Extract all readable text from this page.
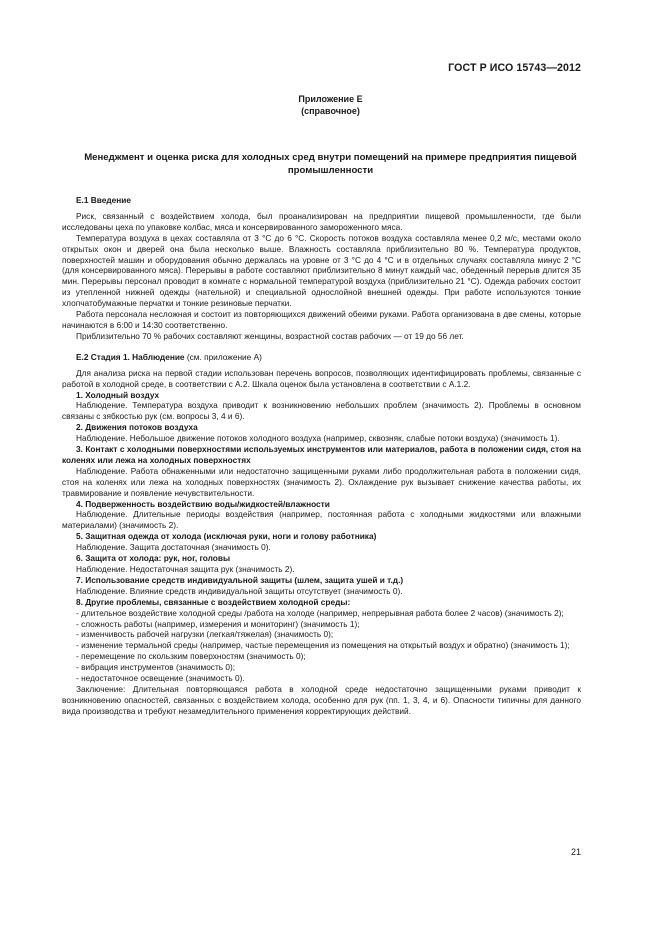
ГОСТ Р ИСО 15743—2012
Приложение Е
(справочное)
Менеджмент и оценка риска для холодных сред внутри помещений на примере предприятия пищевой промышленности

Е.1 Введение

Риск, связанный с воздействием холода, был проанализирован на предприятии пищевой промышленности, где были исследованы цеха по упаковке колбас, мяса и консервированного замороженного мяса.

Температура воздуха в цехах составляла от 3 °С до 6 °С. Скорость потоков воздуха составляла менее 0,2 м/с, местами около открытых окон и дверей она была несколько выше. Влажность составляла приблизительно 80 %. Температура продуктов, поверхностей машин и оборудования обычно держалась на уровне от 3 °С до 4 °С и в отдельных случаях составляла минус 2 °С (для консервированного мяса). Перерывы в работе составляют приблизительно 8 минут каждый час, обеденный перерыв длится 35 мин. Перерывы персонал проводит в комнате с нормальной температурой воздуха (приблизительно 21 °С). Одежда рабочих состоит из утепленной нижней одежды (нательной) и специальной однослойной внешней одежды. При работе используются тонкие хлопчатобумажные перчатки и тонкие резиновые перчатки.

Работа персонала несложная и состоит из повторяющихся движений обеими руками. Работа организована в две смены, которые начинаются в 6:00 и 14:30 соответственно.

Приблизительно 70 % рабочих составляют женщины, возрастной состав рабочих — от 19 до 56 лет.

Е.2 Стадия 1. Наблюдение (см. приложение А)

Для анализа риска на первой стадии использован перечень вопросов, позволяющих идентифицировать проблемы, связанные с работой в холодной среде, в соответствии с А.2. Шкала оценок была установлена в соответствии с А.1.2.

1. Холодный воздух

Наблюдение. Температура воздуха приводит к возникновению небольших проблем (значимость 2). Проблемы в основном связаны с зябкостью рук (см. вопросы 3, 4 и 6).

2. Движения потоков воздуха

Наблюдение. Небольшое движение потоков холодного воздуха (например, сквозняк, слабые потоки воздуха) (значимость 1).

3. Контакт с холодными поверхностями используемых инструментов или материалов, работа в положении сидя, стоя на коленях или лежа на холодных поверхностях

Наблюдение. Работа обнаженными или недостаточно защищенными руками либо продолжительная работа в положении сидя, стоя на коленях или лежа на холодных поверхностях (значимость 2). Охлаждение рук вызывает снижение качества работы, их травмирование и появление нечувствительности.

4. Подверженность воздействию воды/жидкостей/влажности

Наблюдение. Длительные периоды воздействия (например, постоянная работа с холодными жидкостями или влажными материалами) (значимость 2).

5. Защитная одежда от холода (исключая руки, ноги и голову работника)

Наблюдение. Защита достаточная (значимость 0).

6. Защита от холода: рук, ног, головы

Наблюдение. Недостаточная защита рук (значимость 2).

7. Использование средств индивидуальной защиты (шлем, защита ушей и т.д.)

Наблюдение. Влияние средств индивидуальной защиты отсутствует (значимость 0).

8. Другие проблемы, связанные с воздействием холодной среды:

- длительное воздействие холодной среды /работа на холоде (например, непрерывная работа более 2 часов) (значимость 2);

- сложность работы (например, измерения и мониторинг) (значимость 1);

- изменчивость рабочей нагрузки (легкая/тяжелая) (значимость 0);

- изменение термальной среды (например, частые перемещения из помещения на открытый воздух и обратно) (значимость 1);

- перемещение по скользким поверхностям (значимость 0);

- вибрация инструментов (значимость 0);

- недостаточное освещение (значимость 0).

Заключение: Длительная повторяющаяся работа в холодной среде недостаточно защищенными руками приводит к возникновению опасностей, связанных с воздействием холода, особенно для рук (пп. 1, 3, 4, и 6). Опасности типичны для данного вида производства и требуют незамедлительного применения корректирующих действий.

21
